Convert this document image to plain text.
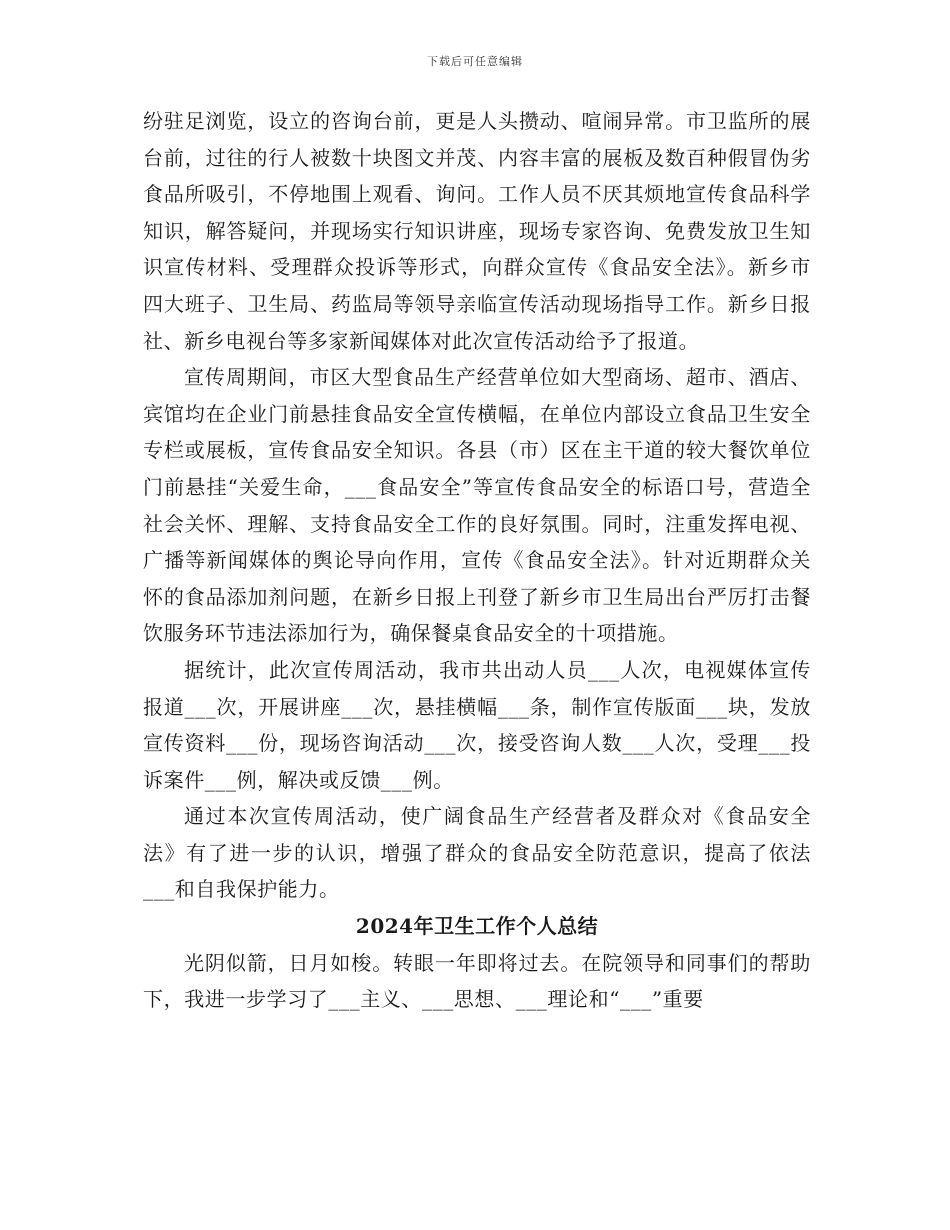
下载后可任意编辑

纷驻足浏览，设立的咨询台前，更是人头攒动、喧闹异常。市卫监所的展台前，过往的行人被数十块图文并茂、内容丰富的展板及数百种假冒伪劣食品所吸引，不停地围上观看、询问。工作人员不厌其烦地宣传食品科学知识，解答疑问，并现场实行知识讲座，现场专家咨询、免费发放卫生知识宣传材料、受理群众投诉等形式，向群众宣传《食品安全法》。新乡市四大班子、卫生局、药监局等领导亲临宣传活动现场指导工作。新乡日报社、新乡电视台等多家新闻媒体对此次宣传活动给予了报道。

宣传周期间，市区大型食品生产经营单位如大型商场、超市、酒店、宾馆均在企业门前悬挂食品安全宣传横幅，在单位内部设立食品卫生安全专栏或展板，宣传食品安全知识。各县（市）区在主干道的较大餐饮单位门前悬挂“关爱生命，___食品安全”等宣传食品安全的标语口号，营造全社会关怀、理解、支持食品安全工作的良好氛围。同时，注重发挥电视、广播等新闻媒体的舆论导向作用，宣传《食品安全法》。针对近期群众关怀的食品添加剂问题，在新乡日报上刊登了新乡市卫生局出台严厉打击餐饮服务环节违法添加行为，确保餐桌食品安全的十项措施。

据统计，此次宣传周活动，我市共出动人员___人次，电视媒体宣传报道___次，开展讲座___次，悬挂横幅___条，制作宣传版面___块，发放宣传资料___份，现场咨询活动___次，接受咨询人数___人次，受理___投诉案件___例，解决或反馈___例。

通过本次宣传周活动，使广阔食品生产经营者及群众对《食品安全法》有了进一步的认识，增强了群众的食品安全防范意识，提高了依法___和自我保护能力。

2024年卫生工作个人总结

光阴似箭，日月如梭。转眼一年即将过去。在院领导和同事们的帮助下，我进一步学习了___主义、___思想、___理论和“___”重要
